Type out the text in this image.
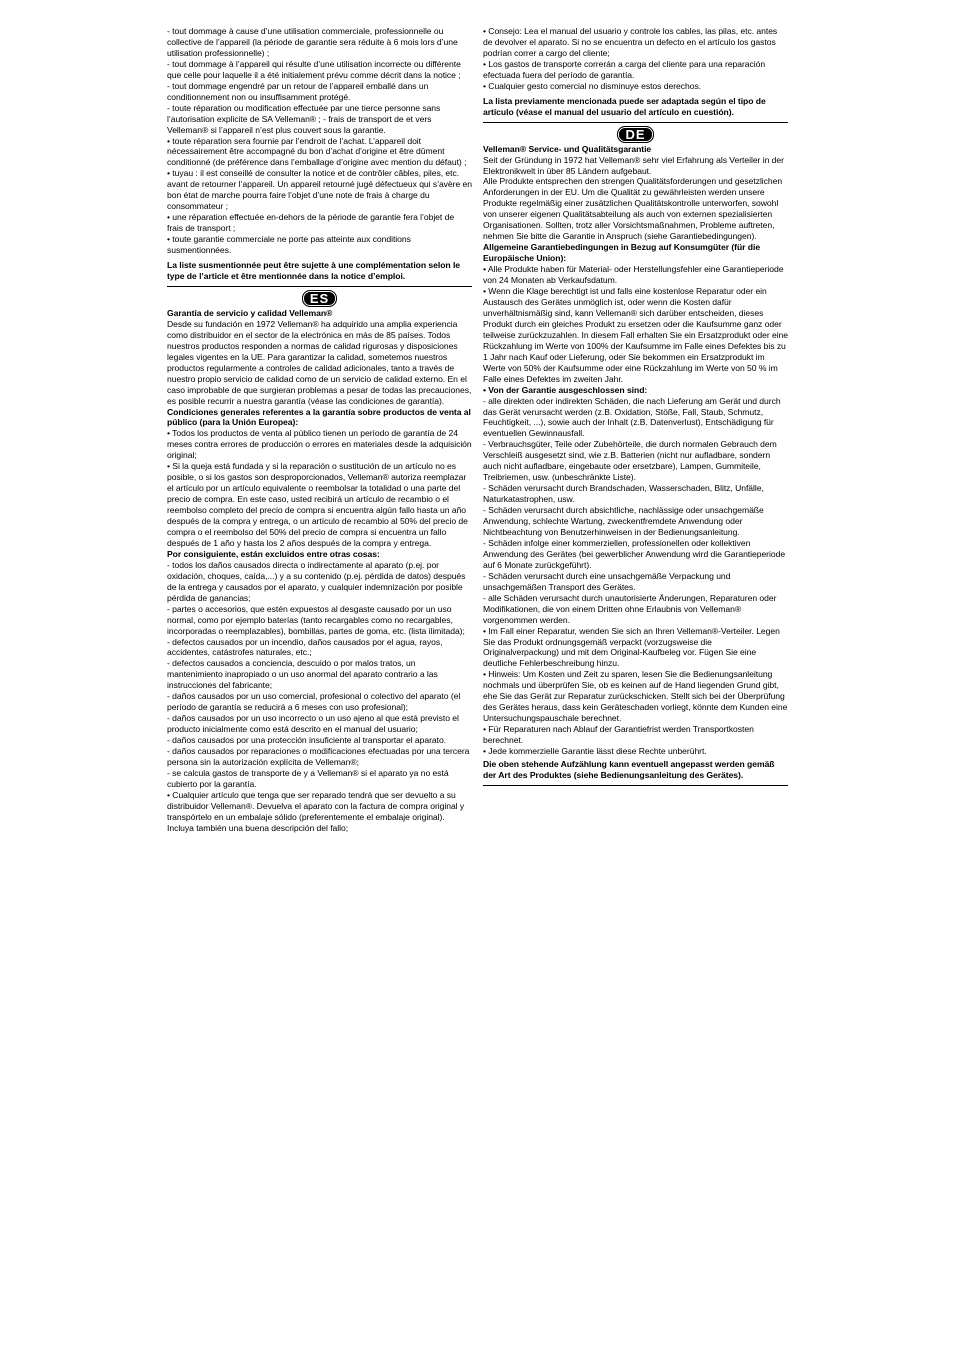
- tout dommage à cause d’une utilisation commerciale, professionnelle ou collective de l’appareil (la période de garantie sera réduite à 6 mois lors d’une utilisation professionnelle) ;

- tout dommage à l’appareil qui résulte d’une utilisation incorrecte ou différente que celle pour laquelle il a été initialement prévu comme décrit dans la notice ;

- tout dommage engendré par un retour de l’appareil emballé dans un conditionnement non ou insuffisamment protégé.

- toute réparation ou modification effectuée par une tierce personne sans l’autorisation explicite de SA Velleman® ; - frais de transport de et vers Velleman® si l’appareil n’est plus couvert sous la garantie.

• toute réparation sera fournie par l’endroit de l’achat. L’appareil doit nécessairement être accompagné du bon d’achat d’origine et être dûment conditionné (de préférence dans l’emballage d’origine avec mention du défaut) ;

• tuyau : il est conseillé de consulter la notice et de contrôler câbles, piles, etc. avant de retourner l’appareil. Un appareil retourné jugé défectueux qui s’avère en bon état de marche pourra faire l’objet d’une note de frais à charge du consommateur ;

• une réparation effectuée en-dehors de la période de garantie fera l’objet de frais de transport ;

• toute garantie commerciale ne porte pas atteinte aux conditions susmentionnées.

La liste susmentionnée peut être sujette à une complémentation selon le type de l’article et être mentionnée dans la notice d’emploi.

ES

Garantía de servicio y calidad Velleman®

Desde su fundación en 1972 Velleman® ha adquirido una amplia experiencia como distribuidor en el sector de la electrónica en más de 85 países. Todos nuestros productos responden a normas de calidad rigurosas y disposiciones legales vigentes en la UE. Para garantizar la calidad, sometemos nuestros productos regularmente a controles de calidad adicionales, tanto a través de nuestro propio servicio de calidad como de un servicio de calidad externo. En el caso improbable de que surgieran problemas a pesar de todas las precauciones, es posible recurrir a nuestra garantía (véase las condiciones de garantía).

Condiciones generales referentes a la garantía sobre productos de venta al público (para la Unión Europea):

• Todos los productos de venta al público tienen un período de garantía de 24 meses contra errores de producción o errores en materiales desde la adquisición original;

• Si la queja está fundada y si la reparación o sustitución de un artículo no es posible, o si los gastos son desproporcionados, Velleman® autoriza reemplazar el artículo por un artículo equivalente o reembolsar la totalidad o una parte del precio de compra. En este caso, usted recibirá un artículo de recambio o el reembolso completo del precio de compra si encuentra algún fallo hasta un año después de la compra y entrega, o un artículo de recambio al 50% del precio de compra o el reembolso del 50% del precio de compra si encuentra un fallo después de 1 año y hasta los 2 años después de la compra y entrega.

Por consiguiente, están excluidos entre otras cosas:

- todos los daños causados directa o indirectamente al aparato (p.ej. por oxidación, choques, caída,...) y a su contenido (p.ej. pérdida de datos) después de la entrega y causados por el aparato, y cualquier indemnización por posible pérdida de ganancias;

- partes o accesorios, que estén expuestos al desgaste causado por un uso normal, como por ejemplo baterías (tanto recargables como no recargables, incorporadas o reemplazables), bombillas, partes de goma, etc. (lista ilimitada);

- defectos causados por un incendio, daños causados por el agua, rayos, accidentes, catástrofes naturales, etc.;

- defectos causados a conciencia, descuido o por malos tratos, un mantenimiento inapropiado o un uso anormal del aparato contrario a las instrucciones del fabricante;

- daños causados por un uso comercial, profesional o colectivo del aparato (el período de garantía se reducirá a 6 meses con uso profesional);

- daños causados por un uso incorrecto o un uso ajeno al que está previsto el producto inicialmente como está descrito en el manual del usuario;

- daños causados por una protección insuficiente al transportar el aparato.

- daños causados por reparaciones o modificaciones efectuadas por una tercera persona sin la autorización explícita de Velleman®;

- se calcula gastos de transporte de y a Velleman® si el aparato ya no está cubierto por la garantía.

• Cualquier artículo que tenga que ser reparado tendrá que ser devuelto a su distribuidor Velleman®. Devuelva el aparato con la factura de compra original y transpórtelo en un embalaje sólido (preferentemente el embalaje original). Incluya también una buena descripción del fallo;

• Consejo: Lea el manual del usuario y controle los cables, las pilas, etc. antes de devolver el aparato. Si no se encuentra un defecto en el artículo los gastos podrían correr a cargo del cliente;

• Los gastos de transporte correrán a carga del cliente para una reparación efectuada fuera del período de garantía.

• Cualquier gesto comercial no disminuye estos derechos.

La lista previamente mencionada puede ser adaptada según el tipo de artículo (véase el manual del usuario del artículo en cuestión).

DE

Velleman® Service- und Qualitätsgarantie

Seit der Gründung in 1972 hat Velleman® sehr viel Erfahrung als Verteiler in der Elektronikwelt in über 85 Ländern aufgebaut.

Alle Produkte entsprechen den strengen Qualitätsforderungen und gesetzlichen Anforderungen in der EU. Um die Qualität zu gewährleisten werden unsere Produkte regelmäßig einer zusätzlichen Qualitätskontrolle unterworfen, sowohl von unserer eigenen Qualitätsabteilung als auch von externen spezialisierten Organisationen. Sollten, trotz aller Vorsichtsmaßnahmen, Probleme auftreten, nehmen Sie bitte die Garantie in Anspruch (siehe Garantiebedingungen).

Allgemeine Garantiebedingungen in Bezug auf Konsumgüter (für die Europäische Union):

• Alle Produkte haben für Material- oder Herstellungsfehler eine Garantieperiode von 24 Monaten ab Verkaufsdatum.

• Wenn die Klage berechtigt ist und falls eine kostenlose Reparatur oder ein Austausch des Gerätes unmöglich ist, oder wenn die Kosten dafür unverhältnismäßig sind, kann Velleman® sich darüber entscheiden, dieses Produkt durch ein gleiches Produkt zu ersetzen oder die Kaufsumme ganz oder teilweise zurückzuzahlen. In diesem Fall erhalten Sie ein Ersatzprodukt oder eine Rückzahlung im Werte von 100% der Kaufsumme im Falle eines Defektes bis zu 1 Jahr nach Kauf oder Lieferung, oder Sie bekommen ein Ersatzprodukt im Werte von 50% der Kaufsumme oder eine Rückzahlung im Werte von 50 % im Falle eines Defektes im zweiten Jahr.

• Von der Garantie ausgeschlossen sind:

- alle direkten oder indirekten Schäden, die nach Lieferung am Gerät und durch das Gerät verursacht werden (z.B. Oxidation, Stöße, Fall, Staub, Schmutz, Feuchtigkeit, ...), sowie auch der Inhalt (z.B. Datenverlust), Entschädigung für eventuellen Gewinnausfall.

- Verbrauchsgüter, Teile oder Zubehörteile, die durch normalen Gebrauch dem Verschleiß ausgesetzt sind, wie z.B. Batterien (nicht nur aufladbare, sondern auch nicht aufladbare, eingebaute oder ersetzbare), Lampen, Gummiteile, Treibriemen, usw. (unbeschränkte Liste).

- Schäden verursacht durch Brandschaden, Wasserschaden, Blitz, Unfälle, Naturkatastrophen, usw.

- Schäden verursacht durch absichtliche, nachlässige oder unsachgemäße Anwendung, schlechte Wartung, zweckentfremdete Anwendung oder Nichtbeachtung von Benutzerhinweisen in der Bedienungsanleitung.

- Schäden infolge einer kommerziellen, professionellen oder kollektiven Anwendung des Gerätes (bei gewerblicher Anwendung wird die Garantieperiode auf 6 Monate zurückgeführt).

- Schäden verursacht durch eine unsachgemäße Verpackung und unsachgemäßen Transport des Gerätes.

- alle Schäden verursacht durch unautorisierte Änderungen, Reparaturen oder Modifikationen, die von einem Dritten ohne Erlaubnis von Velleman® vorgenommen werden.

• Im Fall einer Reparatur, wenden Sie sich an Ihren Velleman®-Verteiler. Legen Sie das Produkt ordnungsgemäß verpackt (vorzugsweise die Originalverpackung) und mit dem Original-Kaufbeleg vor. Fügen Sie eine deutliche Fehlerbeschreibung hinzu.

• Hinweis: Um Kosten und Zeit zu sparen, lesen Sie die Bedienungsanleitung nochmals und überprüfen Sie, ob es keinen auf de Hand liegenden Grund gibt, ehe Sie das Gerät zur Reparatur zurückschicken. Stellt sich bei der Überprüfung des Gerätes heraus, dass kein Geräteschaden vorliegt, könnte dem Kunden eine Untersuchungspauschale berechnet.

• Für Reparaturen nach Ablauf der Garantiefrist werden Transportkosten berechnet.

• Jede kommerzielle Garantie lässt diese Rechte unberührt.

Die oben stehende Aufzählung kann eventuell angepasst werden gemäß der Art des Produktes (siehe Bedienungsanleitung des Gerätes).
